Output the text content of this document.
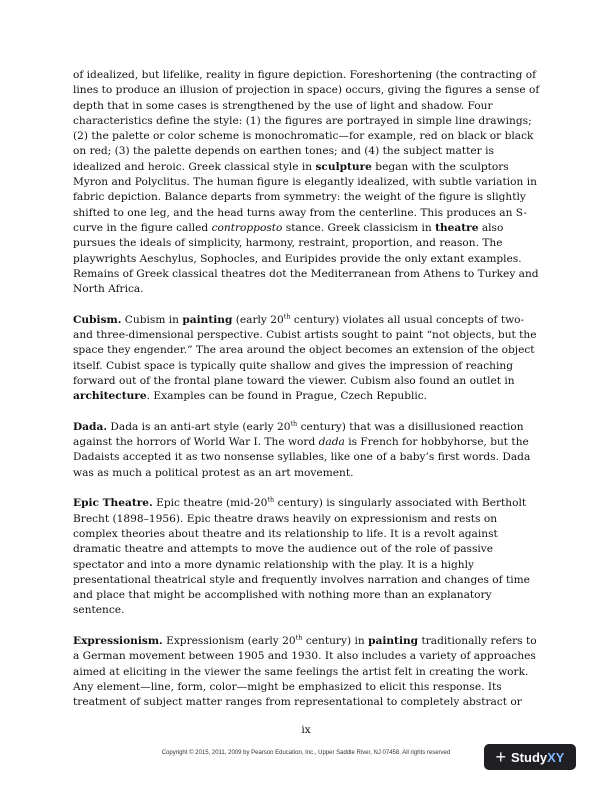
of idealized, but lifelike, reality in figure depiction. Foreshortening (the contracting of lines to produce an illusion of projection in space) occurs, giving the figures a sense of depth that in some cases is strengthened by the use of light and shadow. Four characteristics define the style: (1) the figures are portrayed in simple line drawings; (2) the palette or color scheme is monochromatic—for example, red on black or black on red; (3) the palette depends on earthen tones; and (4) the subject matter is idealized and heroic. Greek classical style in sculpture began with the sculptors Myron and Polyclitus. The human figure is elegantly idealized, with subtle variation in fabric depiction. Balance departs from symmetry: the weight of the figure is slightly shifted to one leg, and the head turns away from the centerline. This produces an S-curve in the figure called contropposto stance. Greek classicism in theatre also pursues the ideals of simplicity, harmony, restraint, proportion, and reason. The playwrights Aeschylus, Sophocles, and Euripides provide the only extant examples. Remains of Greek classical theatres dot the Mediterranean from Athens to Turkey and North Africa.

Cubism. Cubism in painting (early 20th century) violates all usual concepts of two- and three-dimensional perspective. Cubist artists sought to paint “not objects, but the space they engender.” The area around the object becomes an extension of the object itself. Cubist space is typically quite shallow and gives the impression of reaching forward out of the frontal plane toward the viewer. Cubism also found an outlet in architecture. Examples can be found in Prague, Czech Republic.

Dada. Dada is an anti-art style (early 20th century) that was a disillusioned reaction against the horrors of World War I. The word dada is French for hobbyhorse, but the Dadaists accepted it as two nonsense syllables, like one of a baby’s first words. Dada was as much a political protest as an art movement.

Epic Theatre. Epic theatre (mid-20th century) is singularly associated with Bertholt Brecht (1898–1956). Epic theatre draws heavily on expressionism and rests on complex theories about theatre and its relationship to life. It is a revolt against dramatic theatre and attempts to move the audience out of the role of passive spectator and into a more dynamic relationship with the play. It is a highly presentational theatrical style and frequently involves narration and changes of time and place that might be accomplished with nothing more than an explanatory sentence.

Expressionism. Expressionism (early 20th century) in painting traditionally refers to a German movement between 1905 and 1930. It also includes a variety of approaches aimed at eliciting in the viewer the same feelings the artist felt in creating the work. Any element—line, form, color—might be emphasized to elicit this response. Its treatment of subject matter ranges from representational to completely abstract or

ix
Copyright © 2015, 2011, 2009 by Pearson Education, Inc., Upper Saddle River, NJ 07458. All rights reserved	+ Study XY
